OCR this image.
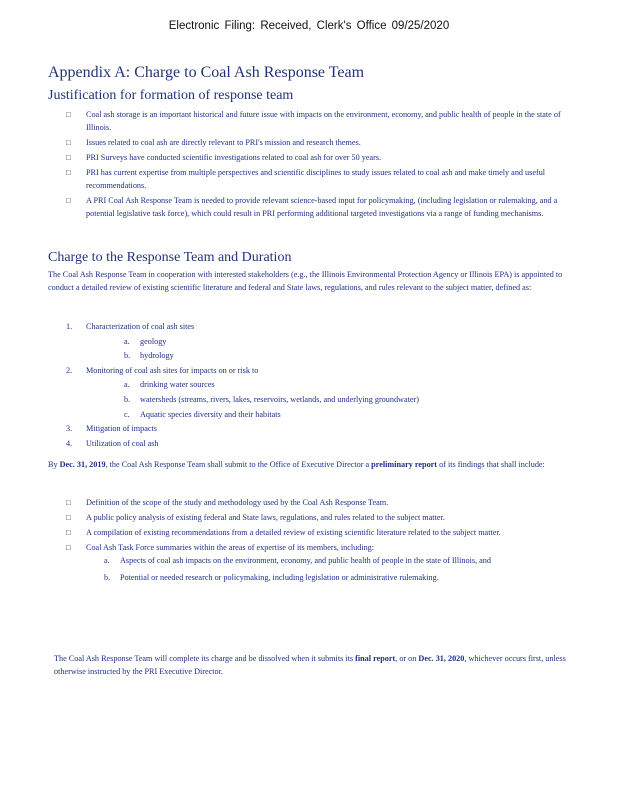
Electronic Filing: Received, Clerk's Office 09/25/2020
Appendix A: Charge to Coal Ash Response Team
Justification for formation of response team
□ Coal ash storage is an important historical and future issue with impacts on the environment, economy, and public health of people in the state of Illinois.
□ Issues related to coal ash are directly relevant to PRI's mission and research themes.
□ PRI Surveys have conducted scientific investigations related to coal ash for over 50 years.
□ PRI has current expertise from multiple perspectives and scientific disciplines to study issues related to coal ash and make timely and useful recommendations.
□ A PRI Coal Ash Response Team is needed to provide relevant science-based input for policymaking, (including legislation or rulemaking, and a potential legislative task force), which could result in PRI performing additional targeted investigations via a range of funding mechanisms.
Charge to the Response Team and Duration
The Coal Ash Response Team in cooperation with interested stakeholders (e.g., the Illinois Environmental Protection Agency or Illinois EPA) is appointed to conduct a detailed review of existing scientific literature and federal and State laws, regulations, and rules relevant to the subject matter, defined as:
1. Characterization of coal ash sites
a. geology
b. hydrology
2. Monitoring of coal ash sites for impacts on or risk to
a. drinking water sources
b. watersheds (streams, rivers, lakes, reservoirs, wetlands, and underlying groundwater)
c. Aquatic species diversity and their habitats
3. Mitigation of impacts
4. Utilization of coal ash
By Dec. 31, 2019, the Coal Ash Response Team shall submit to the Office of Executive Director a preliminary report of its findings that shall include:
□ Definition of the scope of the study and methodology used by the Coal Ash Response Team.
□ A public policy analysis of existing federal and State laws, regulations, and rules related to the subject matter.
□ A compilation of existing recommendations from a detailed review of existing scientific literature related to the subject matter.
□ Coal Ash Task Force summaries within the areas of expertise of its members, including:
a. Aspects of coal ash impacts on the environment, economy, and public health of people in the state of Illinois, and
b. Potential or needed research or policymaking, including legislation or administrative rulemaking.
The Coal Ash Response Team will complete its charge and be dissolved when it submits its final report, or on Dec. 31, 2020, whichever occurs first, unless otherwise instructed by the PRI Executive Director.
